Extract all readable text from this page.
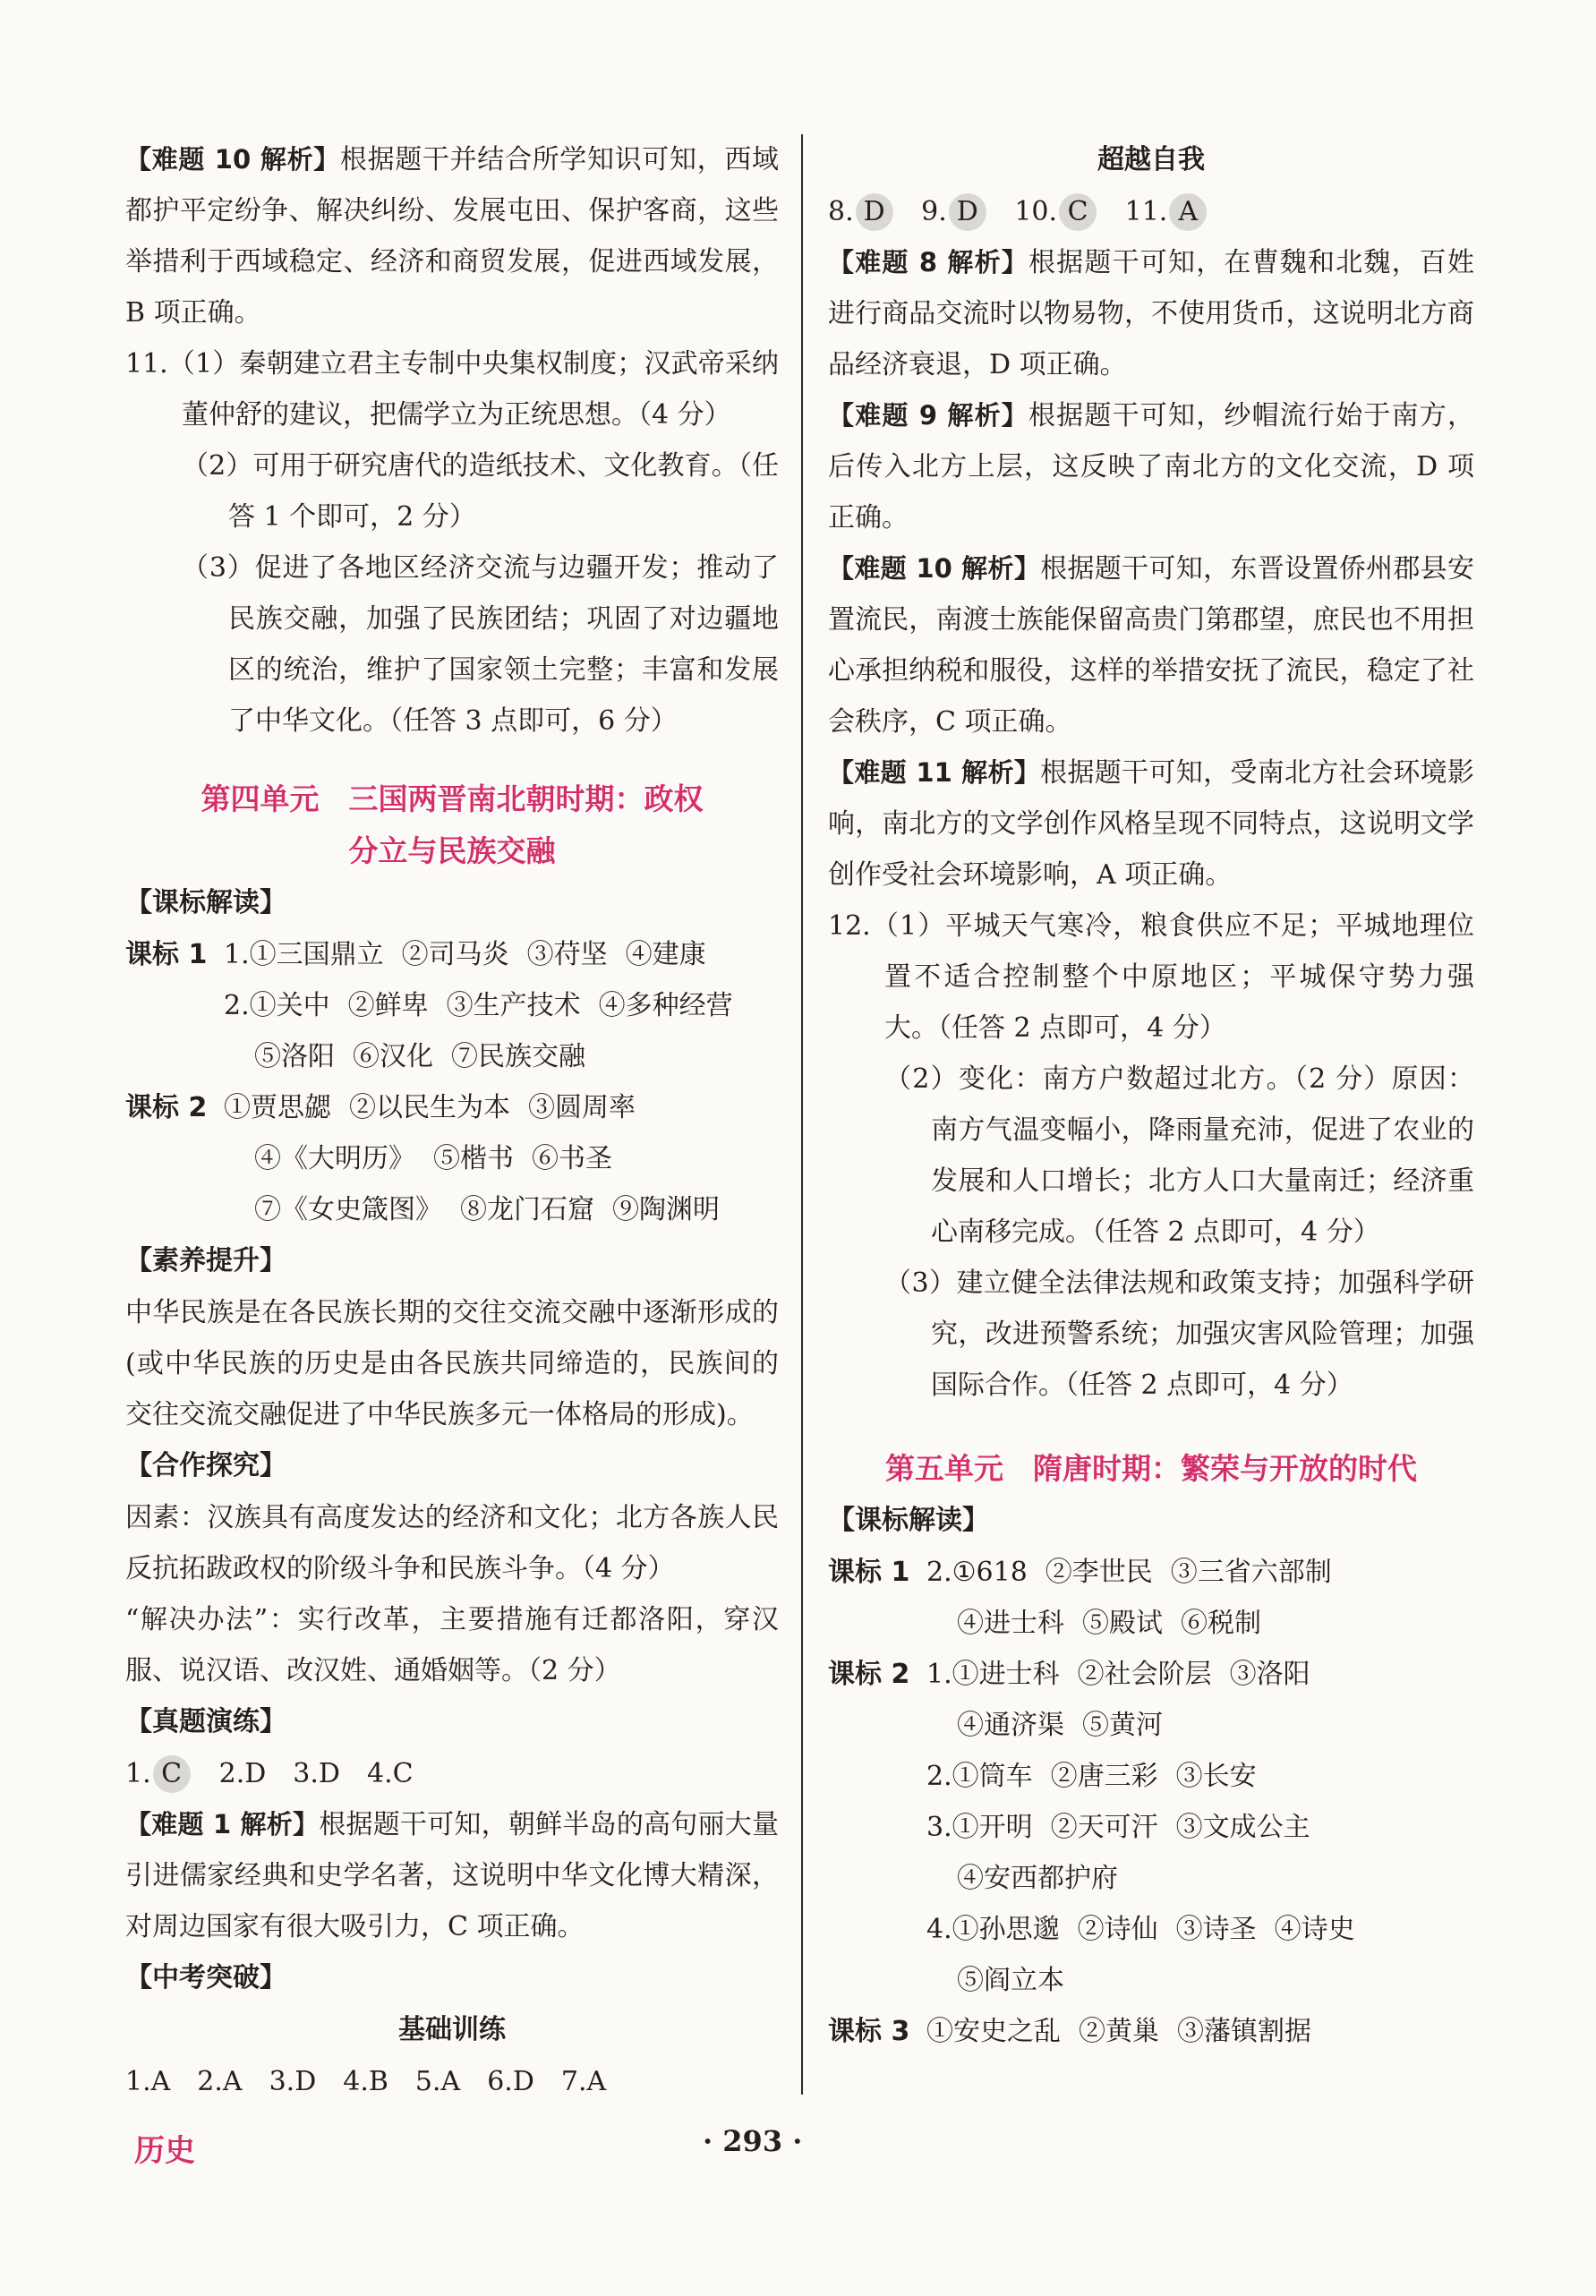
【难题 10 解析】根据题干并结合所学知识可知，西域都护平定纷争、解决纠纷、发展屯田、保护客商，这些举措利于西域稳定、经济和商贸发展，促进西域发展，B 项正确。
11.（1）秦朝建立君主专制中央集权制度；汉武帝采纳董仲舒的建议，把儒学立为正统思想。（4 分）
（2）可用于研究唐代的造纸技术、文化教育。（任答 1 个即可，2 分）
（3）促进了各地区经济交流与边疆开发；推动了民族交融，加强了民族团结；巩固了对边疆地区的统治，维护了国家领土完整；丰富和发展了中华文化。（任答 3 点即可，6 分）
第四单元　三国两晋南北朝时期：政权
分立与民族交融
【课标解读】
课标 1 1.①三国鼎立 ②司马炎 ③苻坚 ④建康
2.①关中 ②鲜卑 ③生产技术 ④多种经营
⑤洛阳 ⑥汉化 ⑦民族交融
课标 2 ①贾思勰 ②以民生为本 ③圆周率
④《大明历》 ⑤楷书 ⑥书圣
⑦《女史箴图》 ⑧龙门石窟 ⑨陶渊明
【素养提升】
中华民族是在各民族长期的交往交流交融中逐渐形成的(或中华民族的历史是由各民族共同缔造的，民族间的交往交流交融促进了中华民族多元一体格局的形成)。
【合作探究】
因素：汉族具有高度发达的经济和文化；北方各族人民反抗拓跋政权的阶级斗争和民族斗争。（4 分）
“解决办法”：实行改革，主要措施有迁都洛阳，穿汉服、说汉语、改汉姓、通婚姻等。（2 分）
【真题演练】
1. C　 2.D　3.D　4.C
【难题 1 解析】根据题干可知，朝鲜半岛的高句丽大量引进儒家经典和史学名著，这说明中华文化博大精深，对周边国家有很大吸引力，C 项正确。
【中考突破】
基础训练
1.A　2.A　3.D　4.B　5.A　6.D　7.A
超越自我
8. D 9. D 10. C 11. A
【难题 8 解析】根据题干可知，在曹魏和北魏，百姓进行商品交流时以物易物，不使用货币，这说明北方商品经济衰退，D 项正确。
【难题 9 解析】根据题干可知，纱帽流行始于南方，后传入北方上层，这反映了南北方的文化交流，D 项正确。
【难题 10 解析】根据题干可知，东晋设置侨州郡县安置流民，南渡士族能保留高贵门第郡望，庶民也不用担心承担纳税和服役，这样的举措安抚了流民，稳定了社会秩序，C 项正确。
【难题 11 解析】根据题干可知，受南北方社会环境影响，南北方的文学创作风格呈现不同特点，这说明文学创作受社会环境影响，A 项正确。
12.（1）平城天气寒冷，粮食供应不足；平城地理位置不适合控制整个中原地区；平城保守势力强大。（任答 2 点即可，4 分）
（2）变化：南方户数超过北方。（2 分）原因：南方气温变幅小，降雨量充沛，促进了农业的发展和人口增长；北方人口大量南迁；经济重心南移完成。（任答 2 点即可，4 分）
（3）建立健全法律法规和政策支持；加强科学研究，改进预警系统；加强灾害风险管理；加强国际合作。（任答 2 点即可，4 分）
第五单元　隋唐时期：繁荣与开放的时代
【课标解读】
课标 1 2.①618 ②李世民 ③三省六部制
④进士科 ⑤殿试 ⑥税制
课标 2 1.①进士科 ②社会阶层 ③洛阳
④通济渠 ⑤黄河
2.①筒车 ②唐三彩 ③长安
3.①开明 ②天可汗 ③文成公主
④安西都护府
4.①孙思邈 ②诗仙 ③诗圣 ④诗史
⑤阎立本
课标 3 ①安史之乱 ②黄巢 ③藩镇割据
历史	· 293 ·
